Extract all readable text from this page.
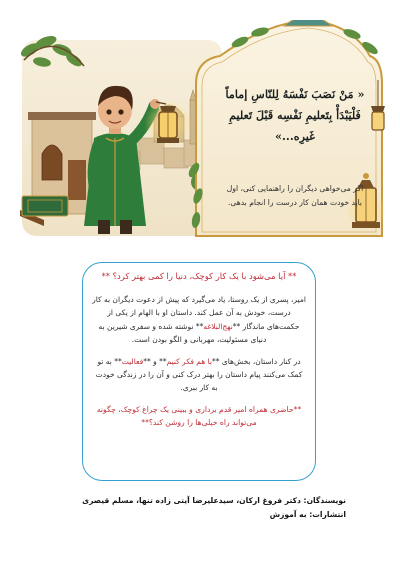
« مَنْ نَصَبَ نَفْسَهُ لِلنّاسِ إماماً فَلْيَبْدَأْ بِتَعليمِ نَفْسِه قَبْلَ تَعليمِ غَيرِه...»
اگر می‌خواهی دیگران را راهنمایی کنی، اول باید خودت همان کار درست را انجام بدهی.

** آیا می‌شود با یک کار کوچک، دنیا را کمی بهتر کرد؟ **

امیر، پسری از یک روستا، یاد می‌گیرد که پیش از دعوت دیگران به کار درست، خودش به آن عمل کند. داستان او با الهام از یکی از حکمت‌های ماندگار **نهج‌البلاغه** نوشته شده و سفری شیرین به دنیای مسئولیت، مهربانی و الگو بودن است.

در کنار داستان، بخش‌های **با هم فکر کنیم** و **فعالیت** به تو کمک می‌کنند پیام داستان را بهتر درک کنی و آن را در زندگی خودت به کار ببری.

**حاضری همراه امیر قدم برداری و ببینی یک چراغ کوچک، چگونه می‌تواند راه خیلی‌ها را روشن کند؟**

نویسندگان: دکتر فروغ ارکان، سیدعلیرضا آیتی زاده تنها، مسلم قیصری
انتشارات: به آموزش
